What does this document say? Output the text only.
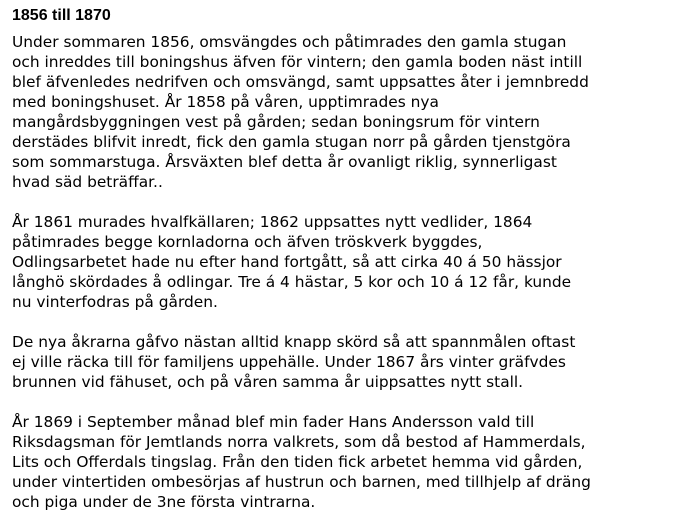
1856 till 1870
Under sommaren 1856, omsvängdes och påtimrades den gamla stugan
och inreddes till boningshus äfven för vintern; den gamla boden näst intill
blef äfvenledes nedrifven och omsvängd, samt uppsattes åter i jemnbredd
med boningshuset. År 1858 på våren, upptimrades nya
mangårdsbyggningen vest på gården; sedan boningsrum för vintern
derstädes blifvit inredt, fick den gamla stugan norr på gården tjenstgöra
som sommarstuga. Årsväxten blef detta år ovanligt riklig, synnerligast
hvad säd beträffar..
År 1861 murades hvalfkällaren; 1862 uppsattes nytt vedlider, 1864
påtimrades begge kornladorna och äfven tröskverk byggdes,
Odlingsarbetet hade nu efter hand fortgått, så att cirka 40 á 50 hässjor
långhö skördades å odlingar. Tre á 4 hästar, 5 kor och 10 á 12 får, kunde
nu vinterfodras på gården.
De nya åkrarna gåfvo nästan alltid knapp skörd så att spannmålen oftast
ej ville räcka till för familjens uppehälle. Under 1867 års vinter gräfvdes
brunnen vid fähuset, och på våren samma år uippsattes nytt stall.
År 1869 i September månad blef min fader Hans Andersson vald till
Riksdagsman för Jemtlands norra valkrets, som då bestod af Hammerdals,
Lits och Offerdals tingslag. Från den tiden fick arbetet hemma vid gården,
under vintertiden ombesörjas af hustrun och barnen, med tillhjelp af dräng
och piga under de 3ne första vintrarna.
